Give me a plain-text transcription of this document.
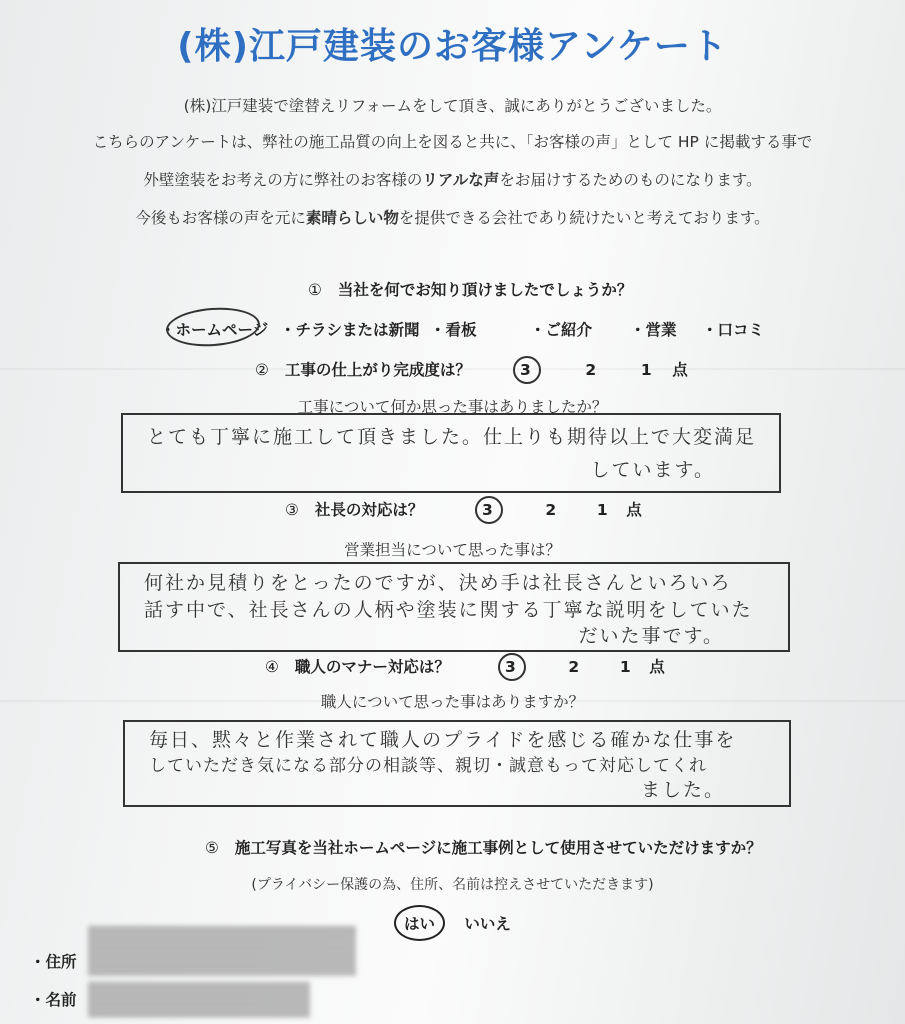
(株)江戸建装のお客様アンケート
(株)江戸建装で塗替えリフォームをして頂き、誠にありがとうございました。
こちらのアンケートは、弊社の施工品質の向上を図ると共に、「お客様の声」として HP に掲載する事で
外壁塗装をお考えの方に弊社のお客様のリアルな声をお届けするためのものになります。
今後もお客様の声を元に素晴らしい物を提供できる会社であり続けたいと考えております。
① 当社を何でお知り頂けましたでしょうか？
・ホームページ ・チラシまたは新聞 ・看板	・ご紹介 ・営業 ・口コミ
② 工事の仕上がり完成度は？	3	2	1 点
工事について何か思った事はありましたか？
とても丁寧に施工して頂きました。仕上りも期待以上で大変満足
しています。
③ 社長の対応は？	3	2	1 点
営業担当について思った事は？
何社か見積りをとったのですが、決め手は社長さんといろいろ
話す中で、社長さんの人柄や塗装に関する丁寧な説明をしていた
だいた事です。
④ 職人のマナー対応は？	3	2	1 点
職人について思った事はありますか？
毎日、黙々と作業されて職人のプライドを感じる確かな仕事を
していただき気になる部分の相談等、親切・誠意もって対応してくれ
ました。
⑤ 施工写真を当社ホームページに施工事例として使用させていただけますか？
(プライバシー保護の為、住所、名前は控えさせていただきます)
はい いいえ
・住所
・名前
